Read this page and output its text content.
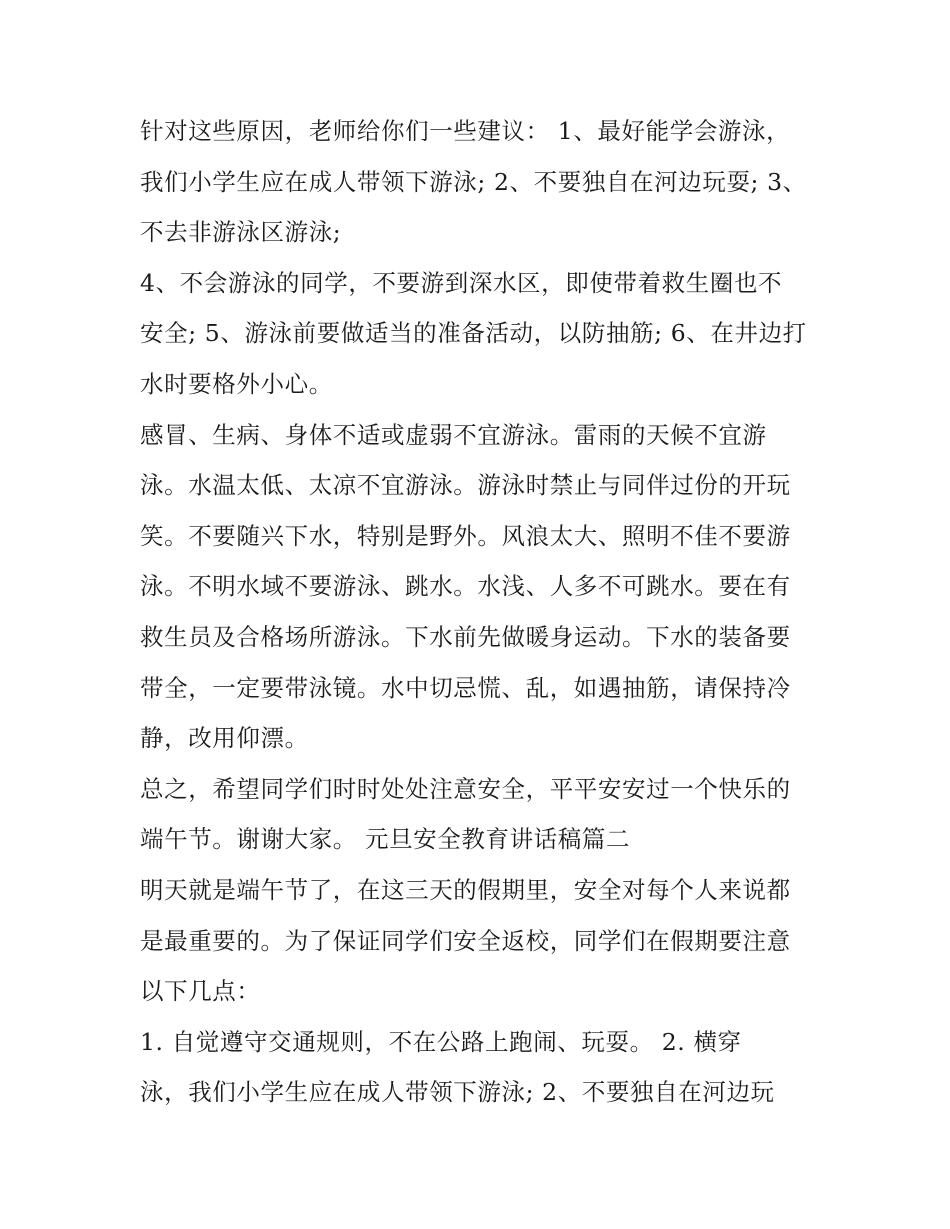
针对这些原因，老师给你们一些建议： 1、最好能学会游泳，
我们小学生应在成人带领下游泳; 2、不要独自在河边玩耍; 3、
不去非游泳区游泳;
4、不会游泳的同学，不要游到深水区，即使带着救生圈也不
安全; 5、游泳前要做适当的准备活动，以防抽筋; 6、在井边打
水时要格外小心。
感冒、生病、身体不适或虚弱不宜游泳。雷雨的天候不宜游
泳。水温太低、太凉不宜游泳。游泳时禁止与同伴过份的开玩
笑。不要随兴下水，特别是野外。风浪太大、照明不佳不要游
泳。不明水域不要游泳、跳水。水浅、人多不可跳水。要在有
救生员及合格场所游泳。下水前先做暖身运动。下水的装备要
带全，一定要带泳镜。水中切忌慌、乱，如遇抽筋，请保持冷
静，改用仰漂。
总之，希望同学们时时处处注意安全，平平安安过一个快乐的
端午节。谢谢大家。 元旦安全教育讲话稿篇二
明天就是端午节了，在这三天的假期里，安全对每个人来说都
是最重要的。为了保证同学们安全返校，同学们在假期要注意
以下几点：
1. 自觉遵守交通规则，不在公路上跑闹、玩耍。 2. 横穿
泳，我们小学生应在成人带领下游泳; 2、不要独自在河边玩
